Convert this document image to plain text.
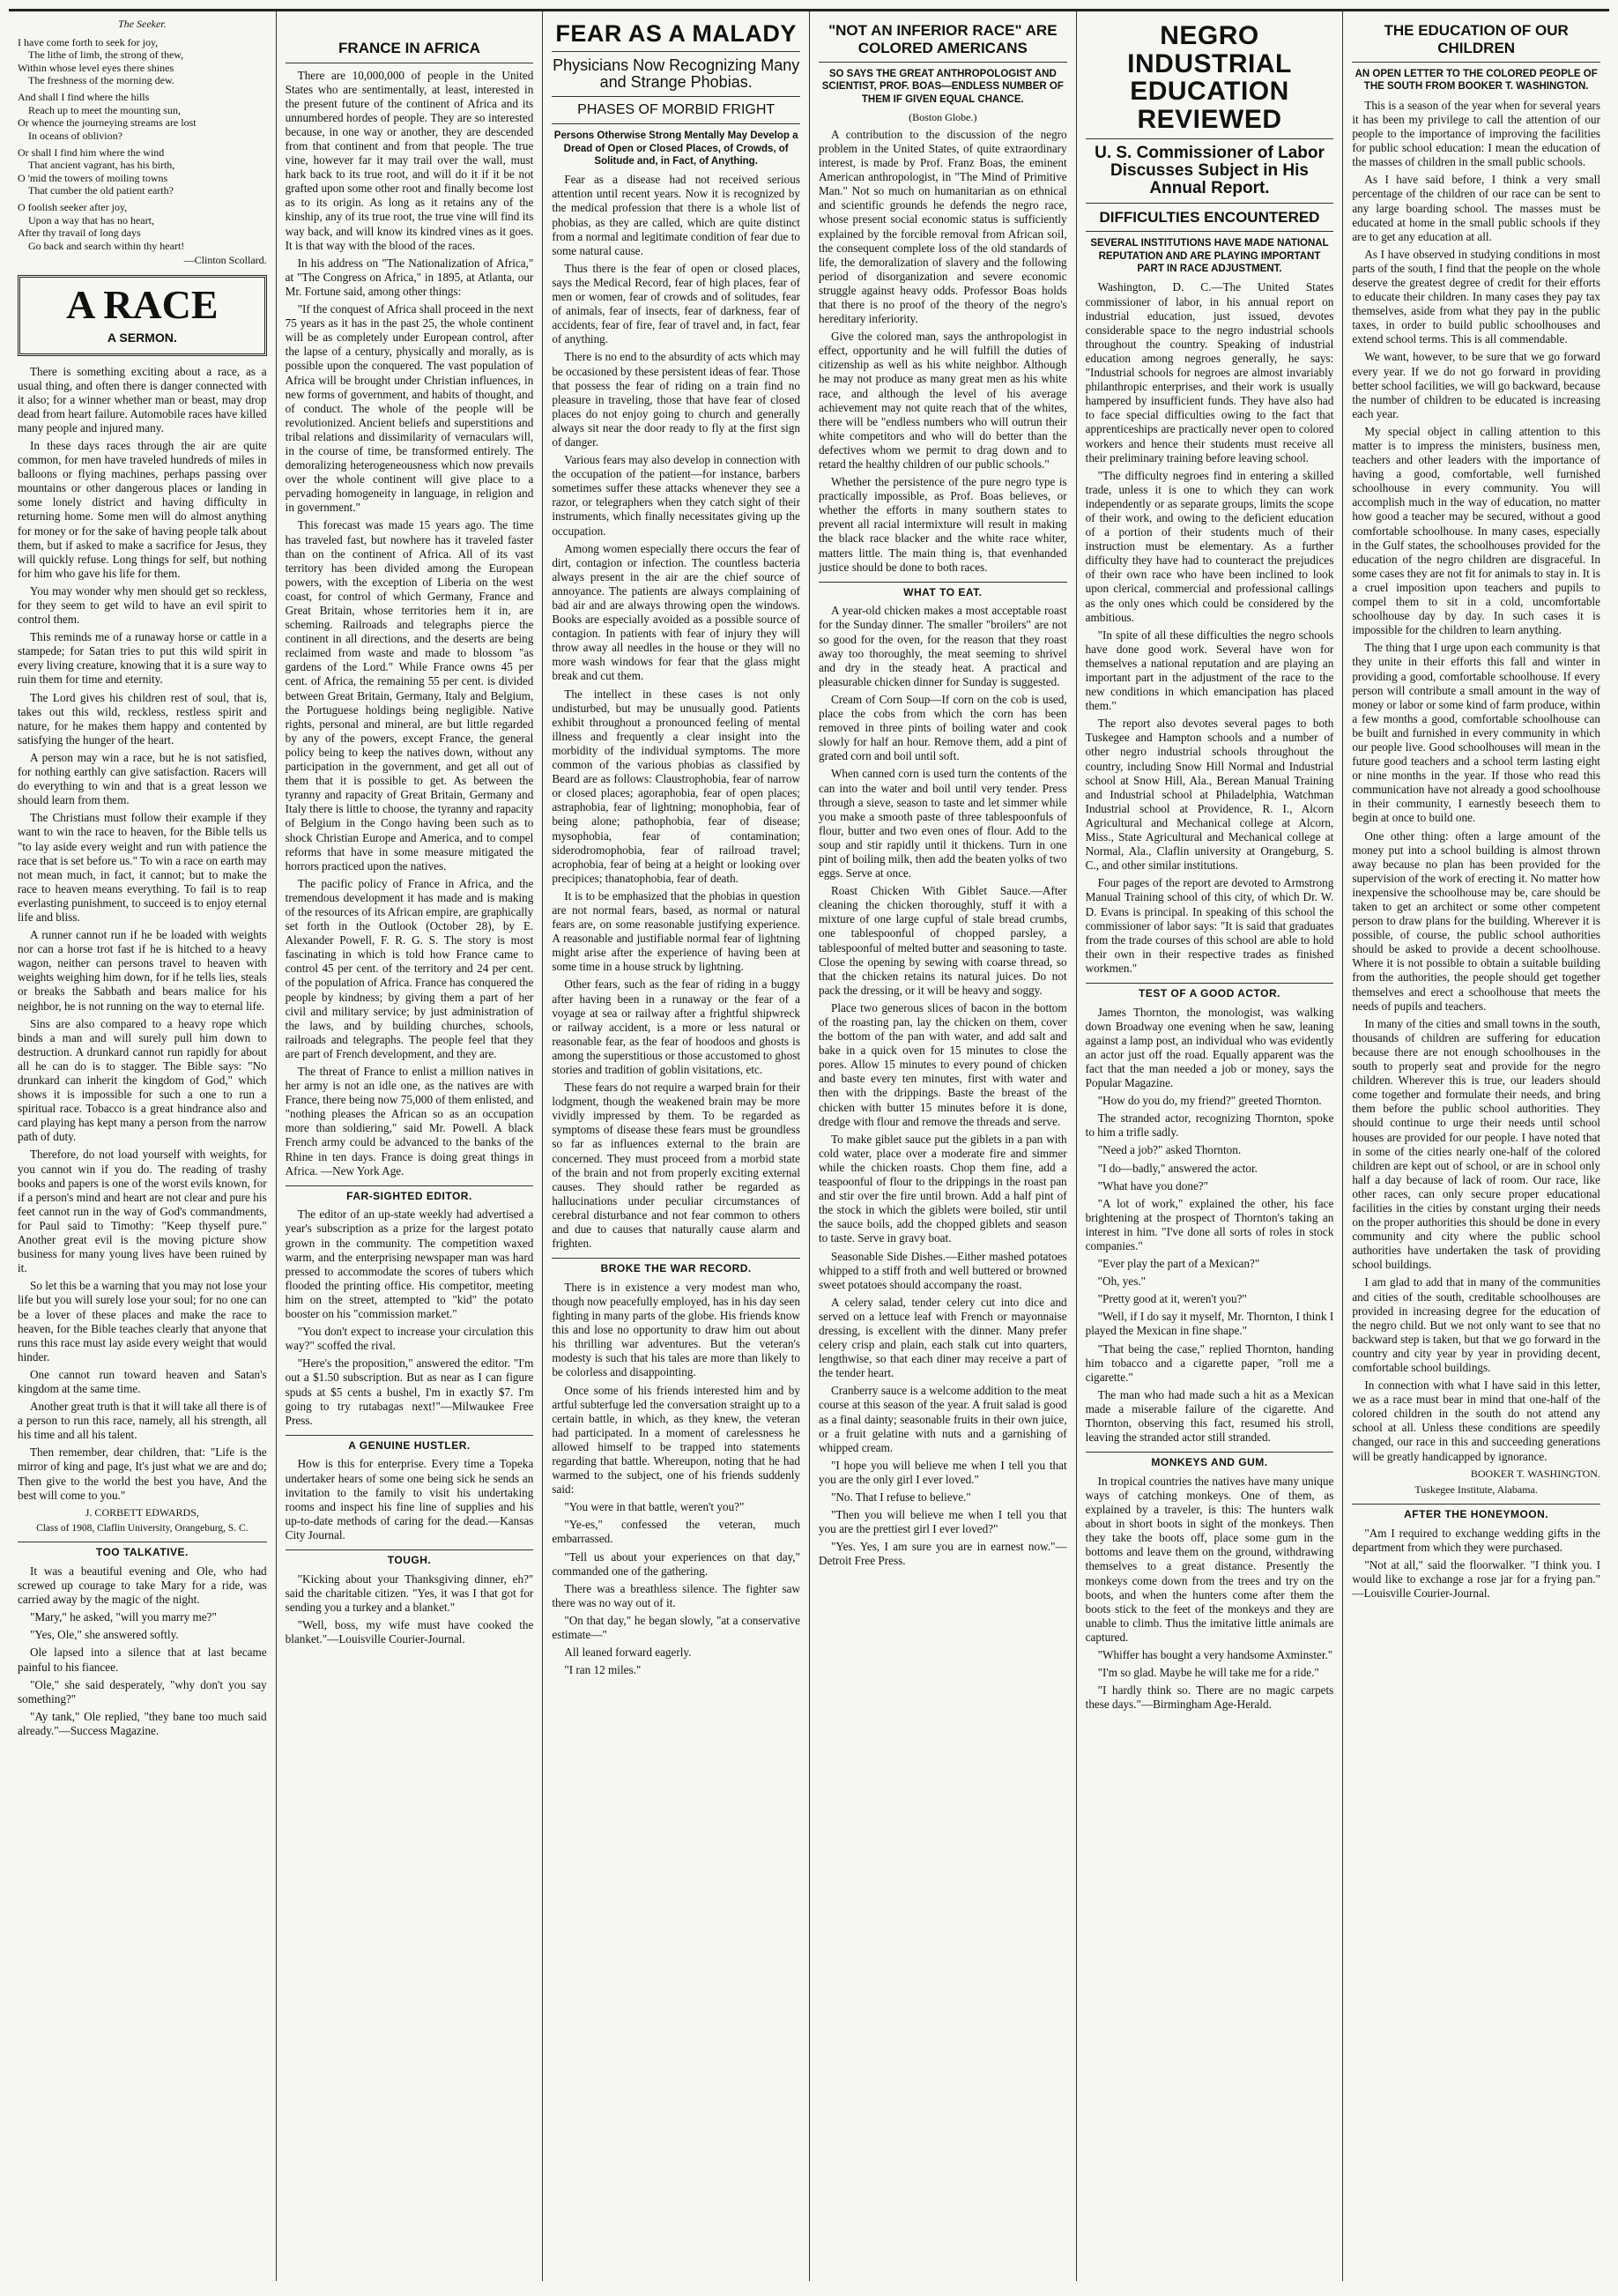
The Seeker.
I have come forth to seek for joy,
The lithe of limb, the strong of thew,
Within whose level eyes there shines
The freshness of the morning dew.
And shall I find where the hills
Reach up to meet the mounting sun,
Or whence the journeying streams are lost
In oceans of oblivion?
Or shall I find him where the wind
That ancient vagrant, has his birth,
O 'mid the towers of moiling towns
That cumber the old patient earth?
O foolish seeker after joy,
Upon a way that has no heart,
After thy travail of long days
Go back and search within thy heart!
—Clinton Scollard.
A RACE
A SERMON.

There is something exciting about a race, as a usual thing, and often there is danger connected with it also; for a winner whether man or beast, may drop dead from heart failure. Automobile races have killed many people and injured many.

In these days races through the air are quite common, for men have traveled hundreds of miles in balloons or flying machines, perhaps passing over mountains or other dangerous places or landing in some lonely district and having difficulty in returning home. Some men will do almost anything for money or for the sake of having people talk about them, but if asked to make a sacrifice for Jesus, they will quickly refuse. Long things for self, but nothing for him who gave his life for them.

You may wonder why men should get so reckless, for they seem to get wild to have an evil spirit to control them.

This reminds me of a runaway horse or cattle in a stampede; for Satan tries to put this wild spirit in every living creature, knowing that it is a sure way to ruin them for time and eternity.

The Lord gives his children rest of soul, that is, takes out this wild, reckless, restless spirit and nature, for he makes them happy and contented by satisfying the hunger of the heart.

A person may win a race, but he is not satisfied, for nothing earthly can give satisfaction. Racers will do everything to win and that is a great lesson we should learn from them.

The Christians must follow their example if they want to win the race to heaven, for the Bible tells us "to lay aside every weight and run with patience the race that is set before us." To win a race on earth may not mean much, in fact, it cannot; but to make the race to heaven means everything. To fail is to reap everlasting punishment, to succeed is to enjoy eternal life and bliss.

A runner cannot run if he be loaded with weights nor can a horse trot fast if he is hitched to a heavy wagon, neither can persons travel to heaven with weights weighing him down, for if he tells lies, steals or breaks the Sabbath and bears malice for his neighbor, he is not running on the way to eternal life.

Sins are also compared to a heavy rope which binds a man and will surely pull him down to destruction. A drunkard cannot run rapidly for about all he can do is to stagger. The Bible says: "No drunkard can inherit the kingdom of God," which shows it is impossible for such a one to run a spiritual race. Tobacco is a great hindrance also and card playing has kept many a person from the narrow path of duty.

Therefore, do not load yourself with weights, for you cannot win if you do. The reading of trashy books and papers is one of the worst evils known, for if a person's mind and heart are not clear and pure his feet cannot run in the way of God's commandments, for Paul said to Timothy: "Keep thyself pure." Another great evil is the moving picture show business for many young lives have been ruined by it.

So let this be a warning that you may not lose your life but you will surely lose your soul; for no one can be a lover of these places and make the race to heaven, for the Bible teaches clearly that anyone that runs this race must lay aside every weight that would hinder.

One cannot run toward heaven and Satan's kingdom at the same time.

Another great truth is that it will take all there is of a person to run this race, namely, all his strength, all his time and all his talent.

Then remember, dear children, that: "Life is the mirror of king and page, It's just what we are and do; Then give to the world the best you have, And the best will come to you."

J. CORBETT EDWARDS,
Class of 1908, Claflin University, Orangeburg, S. C.
TOO TALKATIVE.

It was a beautiful evening and Ole, who had screwed up courage to take Mary for a ride, was carried away by the magic of the night.

"Mary," he asked, "will you marry me?"

"Yes, Ole," she answered softly.

Ole lapsed into a silence that at last became painful to his fiancee.

"Ole," she said desperately, "why don't you say something?"

"Ay tank," Ole replied, "they bane too much said already."—Success Magazine.

FRANCE IN AFRICA

There are 10,000,000 of people in the United States who are sentimentally, at least, interested in the present future of the continent of Africa and its unnumbered hordes of people. They are so interested because, in one way or another, they are descended from that continent and from that people. The true vine, however far it may trail over the wall, must hark back to its true root, and will do it if it be not grafted upon some other root and finally become lost as to its origin. As long as it retains any of the kinship, any of its true root, the true vine will find its way back, and will know its kindred vines as it goes. It is that way with the blood of the races.

In his address on "The Nationalization of Africa," at "The Congress on Africa," in 1895, at Atlanta, our Mr. Fortune said, among other things:

"If the conquest of Africa shall proceed in the next 75 years as it has in the past 25, the whole continent will be as completely under European control, after the lapse of a century, physically and morally, as is possible upon the conquered. The vast population of Africa will be brought under Christian influences, in new forms of government, and habits of thought, and of conduct. The whole of the people will be revolutionized. Ancient beliefs and superstitions and tribal relations and dissimilarity of vernaculars will, in the course of time, be transformed entirely. The demoralizing heterogeneousness which now prevails over the whole continent will give place to a pervading homogeneity in language, in religion and in government."

This forecast was made 15 years ago. The time has traveled fast, but nowhere has it traveled faster than on the continent of Africa. All of its vast territory has been divided among the European powers, with the exception of Liberia on the west coast, for control of which Germany, France and Great Britain, whose territories hem it in, are scheming. Railroads and telegraphs pierce the continent in all directions, and the deserts are being reclaimed from waste and made to blossom "as gardens of the Lord." While France owns 45 per cent. of Africa, the remaining 55 per cent. is divided between Great Britain, Germany, Italy and Belgium, the Portuguese holdings being negligible. Native rights, personal and mineral, are but little regarded by any of the powers, except France, the general policy being to keep the natives down, without any participation in the government, and get all out of them that it is possible to get. As between the tyranny and rapacity of Great Britain, Germany and Italy there is little to choose, the tyranny and rapacity of Belgium in the Congo having been such as to shock Christian Europe and America, and to compel reforms that have in some measure mitigated the horrors practiced upon the natives.

The pacific policy of France in Africa, and the tremendous development it has made and is making of the resources of its African empire, are graphically set forth in the Outlook (October 28), by E. Alexander Powell, F. R. G. S. The story is most fascinating in which is told how France came to control 45 per cent. of the territory and 24 per cent. of the population of Africa. France has conquered the people by kindness; by giving them a part of her civil and military service; by just administration of the laws, and by building churches, schools, railroads and telegraphs. The people feel that they are part of French development, and they are.

The threat of France to enlist a million natives in her army is not an idle one, as the natives are with France, there being now 75,000 of them enlisted, and "nothing pleases the African so as an occupation more than soldiering," said Mr. Powell. A black French army could be advanced to the banks of the Rhine in ten days. France is doing great things in Africa. —New York Age.

FAR-SIGHTED EDITOR.

The editor of an up-state weekly had advertised a year's subscription as a prize for the largest potato grown in the community. The competition waxed warm, and the enterprising newspaper man was hard pressed to accommodate the scores of tubers which flooded the printing office. His competitor, meeting him on the street, attempted to "kid" the potato booster on his "commission market."

"You don't expect to increase your circulation this way?" scoffed the rival.

"Here's the proposition," answered the editor. "I'm out a $1.50 subscription. But as near as I can figure spuds at $5 cents a bushel, I'm in exactly $7. I'm going to try rutabagas next!"—Milwaukee Free Press.

A GENUINE HUSTLER.

How is this for enterprise. Every time a Topeka undertaker hears of some one being sick he sends an invitation to the family to visit his undertaking rooms and inspect his fine line of supplies and his up-to-date methods of caring for the dead.—Kansas City Journal.

TOUGH.

"Kicking about your Thanksgiving dinner, eh?" said the charitable citizen. "Yes, it was I that got for sending you a turkey and a blanket."

"Well, boss, my wife must have cooked the blanket."—Louisville Courier-Journal.

FEAR AS A MALADY
Physicians Now Recognizing Many and Strange Phobias.
PHASES OF MORBID FRIGHT
Persons Otherwise Strong Mentally May Develop a Dread of Open or Closed Places, of Crowds, of Solitude and, in Fact, of Anything.

Fear as a disease had not received serious attention until recent years. Now it is recognized by the medical profession that there is a whole list of phobias, as they are called, which are quite distinct from a normal and legitimate condition of fear due to some natural cause.

Thus there is the fear of open or closed places, says the Medical Record, fear of high places, fear of men or women, fear of crowds and of solitudes, fear of animals, fear of insects, fear of darkness, fear of accidents, fear of fire, fear of travel and, in fact, fear of anything.

There is no end to the absurdity of acts which may be occasioned by these persistent ideas of fear. Those that possess the fear of riding on a train find no pleasure in traveling, those that have fear of closed places do not enjoy going to church and generally always sit near the door ready to fly at the first sign of danger.

Various fears may also develop in connection with the occupation of the patient—for instance, barbers sometimes suffer these attacks whenever they see a razor, or telegraphers when they catch sight of their instruments, which finally necessitates giving up the occupation.

Among women especially there occurs the fear of dirt, contagion or infection. The countless bacteria always present in the air are the chief source of annoyance. The patients are always complaining of bad air and are always throwing open the windows. Books are especially avoided as a possible source of contagion. In patients with fear of injury they will throw away all needles in the house or they will no more wash windows for fear that the glass might break and cut them.

The intellect in these cases is not only undisturbed, but may be unusually good. Patients exhibit throughout a pronounced feeling of mental illness and frequently a clear insight into the morbidity of the individual symptoms. The more common of the various phobias as classified by Beard are as follows: Claustrophobia, fear of narrow or closed places; agoraphobia, fear of open places; astraphobia, fear of lightning; monophobia, fear of being alone; pathophobia, fear of disease; mysophobia, fear of contamination; siderodromophobia, fear of railroad travel; acrophobia, fear of being at a height or looking over precipices; thanatophobia, fear of death.

It is to be emphasized that the phobias in question are not normal fears, based, as normal or natural fears are, on some reasonable justifying experience. A reasonable and justifiable normal fear of lightning might arise after the experience of having been at some time in a house struck by lightning.

Other fears, such as the fear of riding in a buggy after having been in a runaway or the fear of a voyage at sea or railway after a frightful shipwreck or railway accident, is a more or less natural or reasonable fear, as the fear of hoodoos and ghosts is among the superstitious or those accustomed to ghost stories and tradition of goblin visitations, etc.

These fears do not require a warped brain for their lodgment, though the weakened brain may be more vividly impressed by them. To be regarded as symptoms of disease these fears must be groundless so far as influences external to the brain are concerned. They must proceed from a morbid state of the brain and not from properly exciting external causes. They should rather be regarded as hallucinations under peculiar circumstances of cerebral disturbance and not fear common to others and due to causes that naturally cause alarm and frighten.

BROKE THE WAR RECORD.

There is in existence a very modest man who, though now peacefully employed, has in his day seen fighting in many parts of the globe. His friends know this and lose no opportunity to draw him out about his thrilling war adventures. But the veteran's modesty is such that his tales are more than likely to be colorless and disappointing.

Once some of his friends interested him and by artful subterfuge led the conversation straight up to a certain battle, in which, as they knew, the veteran had participated. In a moment of carelessness he allowed himself to be trapped into statements regarding that battle. Whereupon, noting that he had warmed to the subject, one of his friends suddenly said:

"You were in that battle, weren't you?"

"Ye-es," confessed the veteran, much embarrassed.

"Tell us about your experiences on that day," commanded one of the gathering.

There was a breathless silence. The fighter saw there was no way out of it.

"On that day," he began slowly, "at a conservative estimate—"

All leaned forward eagerly.

"I ran 12 miles."

"NOT AN INFERIOR RACE" ARE COLORED AMERICANS
SO SAYS THE GREAT ANTHROPOLOGIST AND SCIENTIST, PROF. BOAS—ENDLESS NUMBER OF THEM IF GIVEN EQUAL CHANCE.
(Boston Globe.)

A contribution to the discussion of the negro problem in the United States, of quite extraordinary interest, is made by Prof. Franz Boas, the eminent American anthropologist, in "The Mind of Primitive Man." Not so much on humanitarian as on ethnical and scientific grounds he defends the negro race, whose present social economic status is sufficiently explained by the forcible removal from African soil, the consequent complete loss of the old standards of life, the demoralization of slavery and the following period of disorganization and severe economic struggle against heavy odds. Professor Boas holds that there is no proof of the theory of the negro's hereditary inferiority.

Give the colored man, says the anthropologist in effect, opportunity and he will fulfill the duties of citizenship as well as his white neighbor. Although he may not produce as many great men as his white race, and although the level of his average achievement may not quite reach that of the whites, there will be "endless numbers who will outrun their white competitors and who will do better than the defectives whom we permit to drag down and to retard the healthy children of our public schools."

Whether the persistence of the pure negro type is practically impossible, as Prof. Boas believes, or whether the efforts in many southern states to prevent all racial intermixture will result in making the black race blacker and the white race whiter, matters little. The main thing is, that evenhanded justice should be done to both races.

WHAT TO EAT.

A year-old chicken makes a most acceptable roast for the Sunday dinner. The smaller "broilers" are not so good for the oven, for the reason that they roast away too thoroughly, the meat seeming to shrivel and dry in the steady heat. A practical and pleasurable chicken dinner for Sunday is suggested.

Cream of Corn Soup—If corn on the cob is used, place the cobs from which the corn has been removed in three pints of boiling water and cook slowly for half an hour. Remove them, add a pint of grated corn and boil until soft.

When canned corn is used turn the contents of the can into the water and boil until very tender. Press through a sieve, season to taste and let simmer while you make a smooth paste of three tablespoonfuls of flour, butter and two even ones of flour. Add to the soup and stir rapidly until it thickens. Turn in one pint of boiling milk, then add the beaten yolks of two eggs. Serve at once.

Roast Chicken With Giblet Sauce.—After cleaning the chicken thoroughly, stuff it with a mixture of one large cupful of stale bread crumbs, one tablespoonful of chopped parsley, a tablespoonful of melted butter and seasoning to taste. Close the opening by sewing with coarse thread, so that the chicken retains its natural juices. Do not pack the dressing, or it will be heavy and soggy.

Place two generous slices of bacon in the bottom of the roasting pan, lay the chicken on them, cover the bottom of the pan with water, and add salt and bake in a quick oven for 15 minutes to close the pores. Allow 15 minutes to every pound of chicken and baste every ten minutes, first with water and then with the drippings. Baste the breast of the chicken with butter 15 minutes before it is done, dredge with flour and remove the threads and serve.

To make giblet sauce put the giblets in a pan with cold water, place over a moderate fire and simmer while the chicken roasts. Chop them fine, add a teaspoonful of flour to the drippings in the roast pan and stir over the fire until brown. Add a half pint of the stock in which the giblets were boiled, stir until the sauce boils, add the chopped giblets and season to taste. Serve in gravy boat.

Seasonable Side Dishes.—Either mashed potatoes whipped to a stiff froth and well buttered or browned sweet potatoes should accompany the roast.

A celery salad, tender celery cut into dice and served on a lettuce leaf with French or mayonnaise dressing, is excellent with the dinner. Many prefer celery crisp and plain, each stalk cut into quarters, lengthwise, so that each diner may receive a part of the tender heart.

Cranberry sauce is a welcome addition to the meat course at this season of the year. A fruit salad is good as a final dainty; seasonable fruits in their own juice, or a fruit gelatine with nuts and a garnishing of whipped cream.

"I hope you will believe me when I tell you that you are the only girl I ever loved."

"No. That I refuse to believe."

"Then you will believe me when I tell you that you are the prettiest girl I ever loved?"

"Yes. Yes, I am sure you are in earnest now."—Detroit Free Press.

NEGRO INDUSTRIAL EDUCATION REVIEWED
U. S. Commissioner of Labor Discusses Subject in His Annual Report.
DIFFICULTIES ENCOUNTERED
SEVERAL INSTITUTIONS HAVE MADE NATIONAL REPUTATION AND ARE PLAYING IMPORTANT PART IN RACE ADJUSTMENT.

Washington, D. C.—The United States commissioner of labor, in his annual report on industrial education, just issued, devotes considerable space to the negro industrial schools throughout the country. Speaking of industrial education among negroes generally, he says: "Industrial schools for negroes are almost invariably philanthropic enterprises, and their work is usually hampered by insufficient funds. They have also had to face special difficulties owing to the fact that apprenticeships are practically never open to colored workers and hence their students must receive all their preliminary training before leaving school.

"The difficulty negroes find in entering a skilled trade, unless it is one to which they can work independently or as separate groups, limits the scope of their work, and owing to the deficient education of a portion of their students much of their instruction must be elementary. As a further difficulty they have had to counteract the prejudices of their own race who have been inclined to look upon clerical, commercial and professional callings as the only ones which could be considered by the ambitious.

"In spite of all these difficulties the negro schools have done good work. Several have won for themselves a national reputation and are playing an important part in the adjustment of the race to the new conditions in which emancipation has placed them."

The report also devotes several pages to both Tuskegee and Hampton schools and a number of other negro industrial schools throughout the country, including Snow Hill Normal and Industrial school at Snow Hill, Ala., Berean Manual Training and Industrial school at Philadelphia, Watchman Industrial school at Providence, R. I., Alcorn Agricultural and Mechanical college at Alcorn, Miss., State Agricultural and Mechanical college at Normal, Ala., Claflin university at Orangeburg, S. C., and other similar institutions.

Four pages of the report are devoted to Armstrong Manual Training school of this city, of which Dr. W. D. Evans is principal. In speaking of this school the commissioner of labor says: "It is said that graduates from the trade courses of this school are able to hold their own in their respective trades as finished workmen."

TEST OF A GOOD ACTOR.

James Thornton, the monologist, was walking down Broadway one evening when he saw, leaning against a lamp post, an individual who was evidently an actor just off the road. Equally apparent was the fact that the man needed a job or money, says the Popular Magazine.

"How do you do, my friend?" greeted Thornton.

The stranded actor, recognizing Thornton, spoke to him a trifle sadly.

"Need a job?" asked Thornton.

"I do—badly," answered the actor.

"What have you done?"

"A lot of work," explained the other, his face brightening at the prospect of Thornton's taking an interest in him. "I've done all sorts of roles in stock companies."

"Ever play the part of a Mexican?"

"Oh, yes."

"Pretty good at it, weren't you?"

"Well, if I do say it myself, Mr. Thornton, I think I played the Mexican in fine shape."

"That being the case," replied Thornton, handing him tobacco and a cigarette paper, "roll me a cigarette."

The man who had made such a hit as a Mexican made a miserable failure of the cigarette. And Thornton, observing this fact, resumed his stroll, leaving the stranded actor still stranded.

MONKEYS AND GUM.

In tropical countries the natives have many unique ways of catching monkeys. One of them, as explained by a traveler, is this: The hunters walk about in short boots in sight of the monkeys. Then they take the boots off, place some gum in the bottoms and leave them on the ground, withdrawing themselves to a great distance. Presently the monkeys come down from the trees and try on the boots, and when the hunters come after them the boots stick to the feet of the monkeys and they are unable to climb. Thus the imitative little animals are captured.

"Whiffer has bought a very handsome Axminster."

"I'm so glad. Maybe he will take me for a ride."

"I hardly think so. There are no magic carpets these days."—Birmingham Age-Herald.

THE EDUCATION OF OUR CHILDREN
AN OPEN LETTER TO THE COLORED PEOPLE OF THE SOUTH FROM BOOKER T. WASHINGTON.

This is a season of the year when for several years it has been my privilege to call the attention of our people to the importance of improving the facilities for public school education: I mean the education of the masses of children in the small public schools.

As I have said before, I think a very small percentage of the children of our race can be sent to any large boarding school. The masses must be educated at home in the small public schools if they are to get any education at all.

As I have observed in studying conditions in most parts of the south, I find that the people on the whole deserve the greatest degree of credit for their efforts to educate their children. In many cases they pay tax themselves, aside from what they pay in the public taxes, in order to build public schoolhouses and extend school terms. This is all commendable.

We want, however, to be sure that we go forward every year. If we do not go forward in providing better school facilities, we will go backward, because the number of children to be educated is increasing each year.

My special object in calling attention to this matter is to impress the ministers, business men, teachers and other leaders with the importance of having a good, comfortable, well furnished schoolhouse in every community. You will accomplish much in the way of education, no matter how good a teacher may be secured, without a good comfortable schoolhouse. In many cases, especially in the Gulf states, the schoolhouses provided for the education of the negro children are disgraceful. In some cases they are not fit for animals to stay in. It is a cruel imposition upon teachers and pupils to compel them to sit in a cold, uncomfortable schoolhouse day by day. In such cases it is impossible for the children to learn anything.

The thing that I urge upon each community is that they unite in their efforts this fall and winter in providing a good, comfortable schoolhouse. If every person will contribute a small amount in the way of money or labor or some kind of farm produce, within a few months a good, comfortable schoolhouse can be built and furnished in every community in which our people live. Good schoolhouses will mean in the future good teachers and a school term lasting eight or nine months in the year. If those who read this communication have not already a good schoolhouse in their community, I earnestly beseech them to begin at once to build one.

One other thing: often a large amount of the money put into a school building is almost thrown away because no plan has been provided for the supervision of the work of erecting it. No matter how inexpensive the schoolhouse may be, care should be taken to get an architect or some other competent person to draw plans for the building. Wherever it is possible, of course, the public school authorities should be asked to provide a decent schoolhouse. Where it is not possible to obtain a suitable building from the authorities, the people should get together themselves and erect a schoolhouse that meets the needs of pupils and teachers.

In many of the cities and small towns in the south, thousands of children are suffering for education because there are not enough schoolhouses in the south to properly seat and provide for the negro children. Wherever this is true, our leaders should come together and formulate their needs, and bring them before the public school authorities. They should continue to urge their needs until school houses are provided for our people. I have noted that in some of the cities nearly one-half of the colored children are kept out of school, or are in school only half a day because of lack of room. Our race, like other races, can only secure proper educational facilities in the cities by constant urging their needs on the proper authorities this should be done in every community and city where the public school authorities have undertaken the task of providing school buildings.

I am glad to add that in many of the communities and cities of the south, creditable schoolhouses are provided in increasing degree for the education of the negro child. But we not only want to see that no backward step is taken, but that we go forward in the country and city year by year in providing decent, comfortable school buildings.

In connection with what I have said in this letter, we as a race must bear in mind that one-half of the colored children in the south do not attend any school at all. Unless these conditions are speedily changed, our race in this and succeeding generations will be greatly handicapped by ignorance.

BOOKER T. WASHINGTON.
Tuskegee Institute, Alabama.
AFTER THE HONEYMOON.

"Am I required to exchange wedding gifts in the department from which they were purchased.

"Not at all," said the floorwalker. "I think you. I would like to exchange a rose jar for a frying pan." —Louisville Courier-Journal.
